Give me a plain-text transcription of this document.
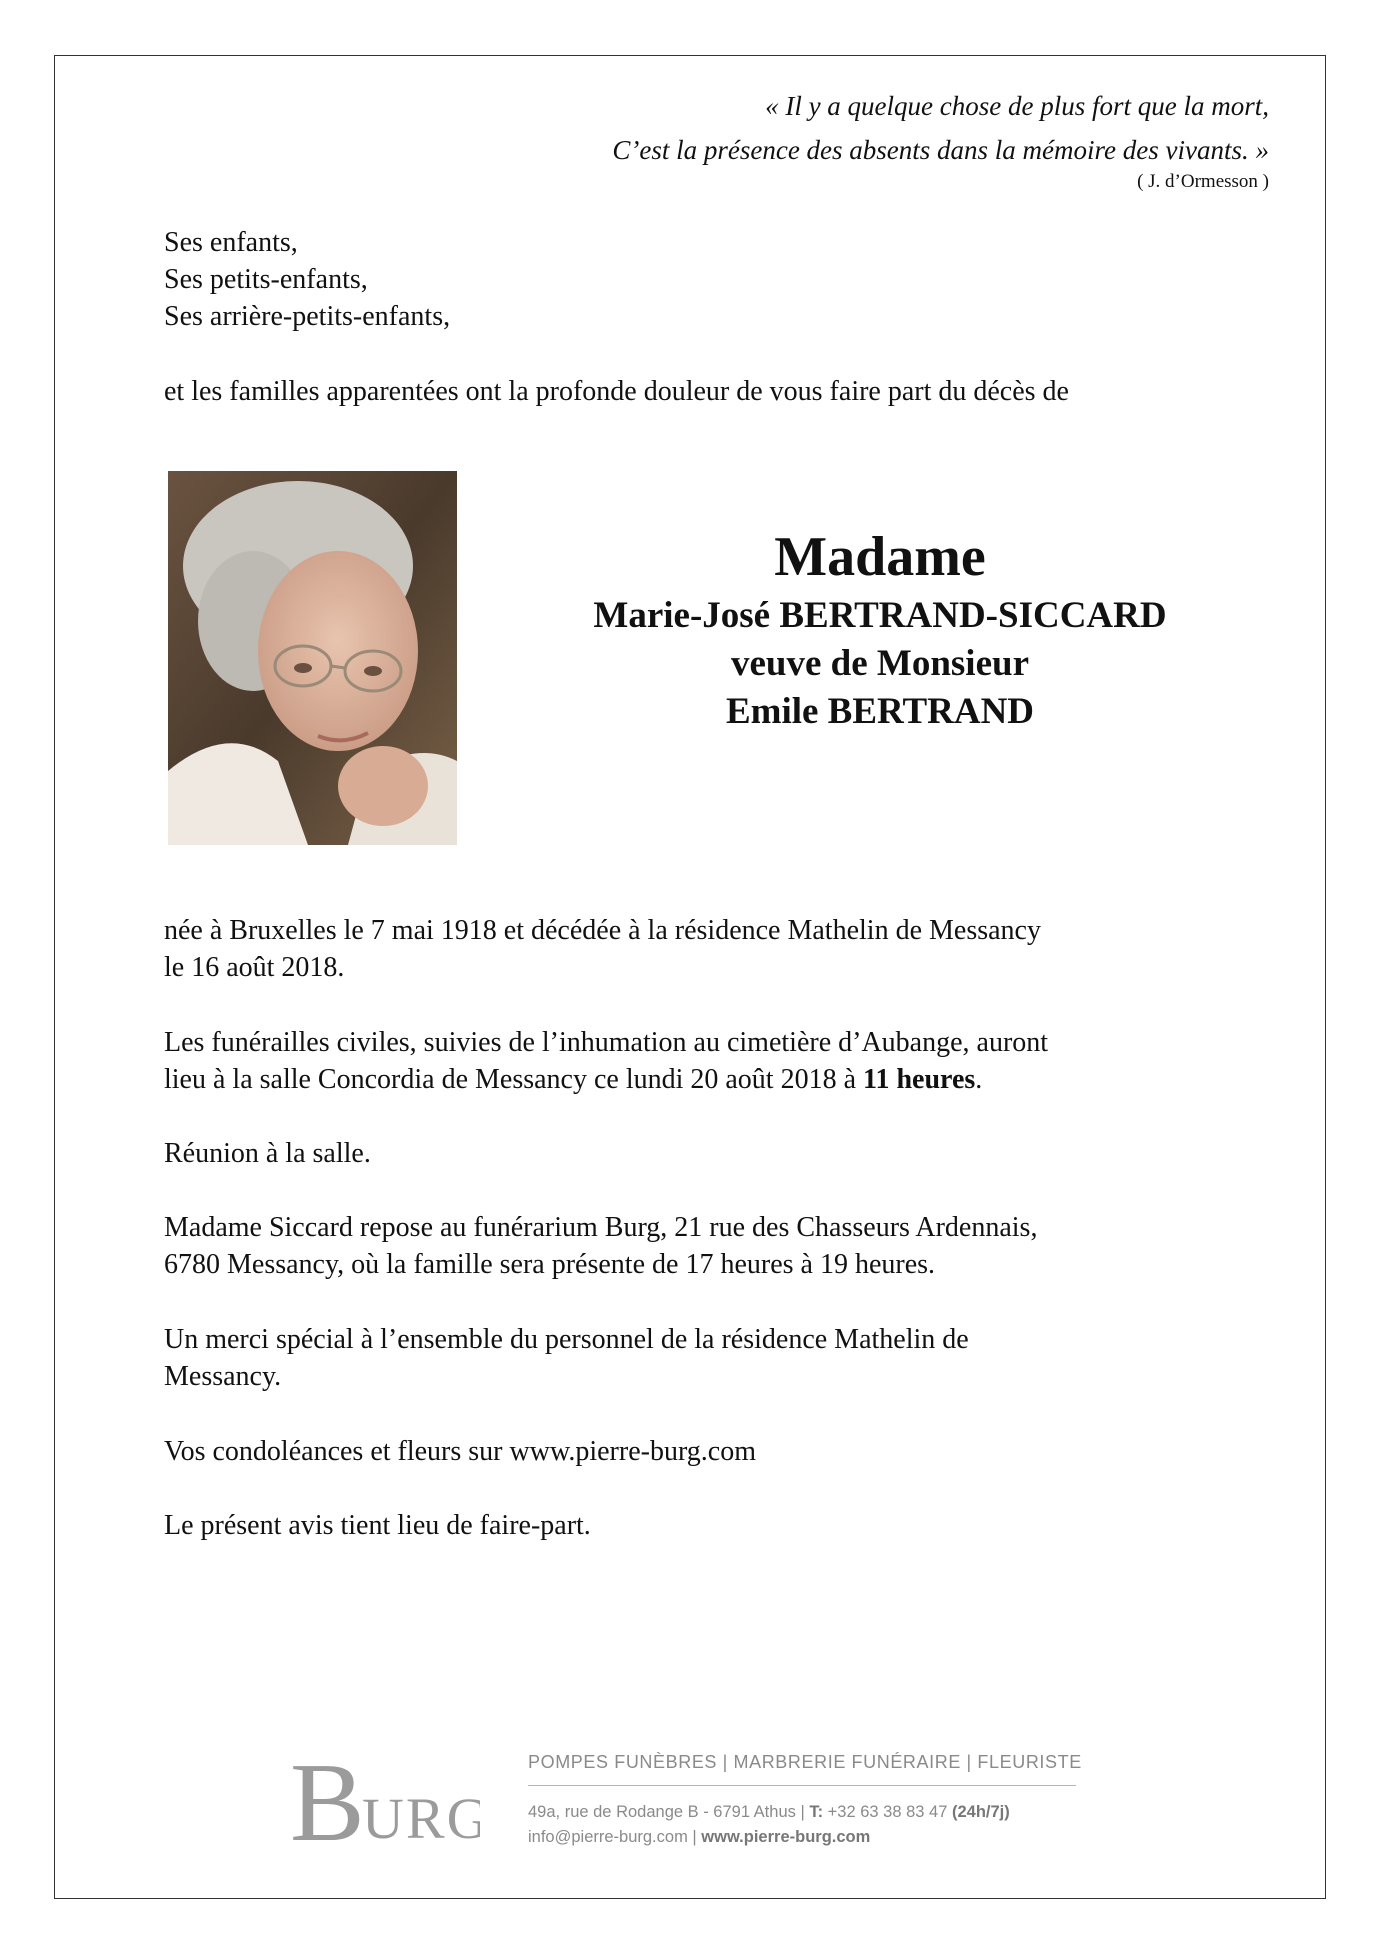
« Il y a quelque chose de plus fort que la mort,
C’est la présence des absents dans la mémoire des vivants. »
( J. d’Ormesson )
Ses enfants,
Ses petits-enfants,
Ses arrière-petits-enfants,
et les familles apparentées ont la profonde douleur de vous faire part du décès de
Madame
Marie-José BERTRAND-SICCARD
veuve de Monsieur
Emile BERTRAND
née à Bruxelles le 7 mai 1918 et décédée à la résidence Mathelin de Messancy
le 16 août 2018.
Les funérailles civiles, suivies de l’inhumation au cimetière d’Aubange, auront
lieu à la salle Concordia de Messancy ce lundi 20 août 2018 à 11 heures.
Réunion à la salle.
Madame Siccard repose au funérarium Burg, 21 rue des Chasseurs Ardennais,
6780 Messancy, où la famille sera présente de 17 heures à 19 heures.
Un merci spécial à l’ensemble du personnel de la résidence Mathelin de
Messancy.
Vos condoléances et fleurs sur www.pierre-burg.com
Le présent avis tient lieu de faire-part.
B
URG
POMPES FUNÈBRES | MARBRERIE FUNÉRAIRE | FLEURISTE
49a, rue de Rodange B - 6791 Athus | T: +32 63 38 83 47 (24h/7j)
info@pierre-burg.com | www.pierre-burg.com
